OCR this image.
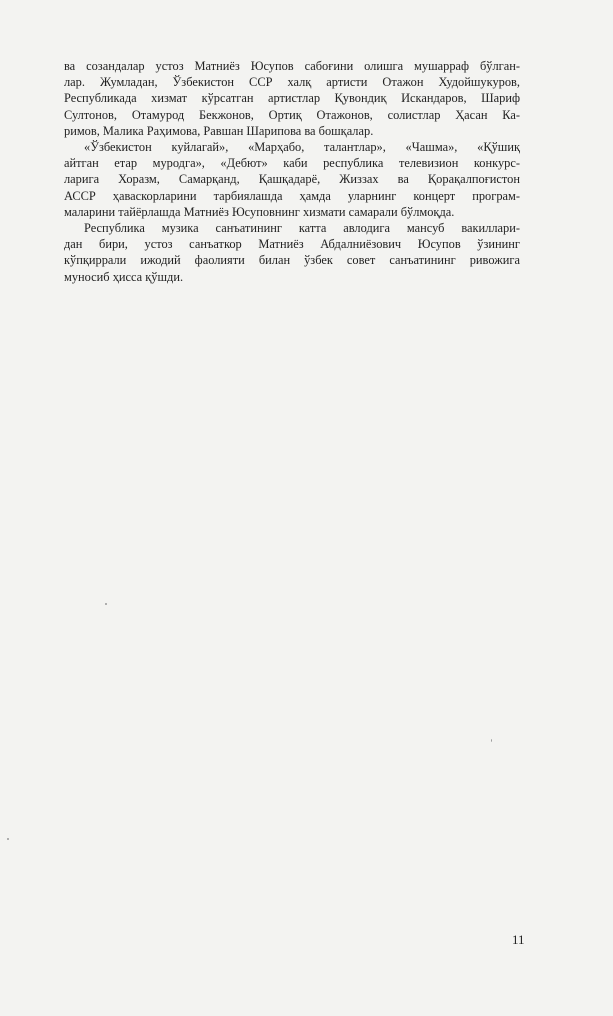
ва созандалар устоз Матниёз Юсупов сабоғини олишга мушарраф бўлган-
лар. Жумладан, Ўзбекистон ССР халқ артисти Отажон Худойшукуров,
Республикада хизмат кўрсатган артистлар Қувондиқ Искандаров, Шариф
Султонов, Отамурод Бекжонов, Ортиқ Отажонов, солистлар Ҳасан Ка-
римов, Малика Раҳимова, Равшан Шарипова ва бошқалар.
«Ўзбекистон куйлагай», «Марҳабо, талантлар», «Чашма», «Қўшиқ
айтган етар муродга», «Дебют» каби республика телевизион конкурс-
ларига Хоразм, Самарқанд, Қашқадарё, Жиззах ва Қорақалпоғистон
АССР ҳаваскорларини тарбиялашда ҳамда уларнинг концерт програм-
маларини тайёрлашда Матниёз Юсуповнинг хизмати самарали бўлмоқда.
Республика музика санъатининг катта авлодига мансуб вакиллари-
дан бири, устоз санъаткор Матниёз Абдалниёзович Юсупов ўзининг
кўпқиррали ижодий фаолияти билан ўзбек совет санъатининг ривожига
муносиб ҳисса қўшди.
11
